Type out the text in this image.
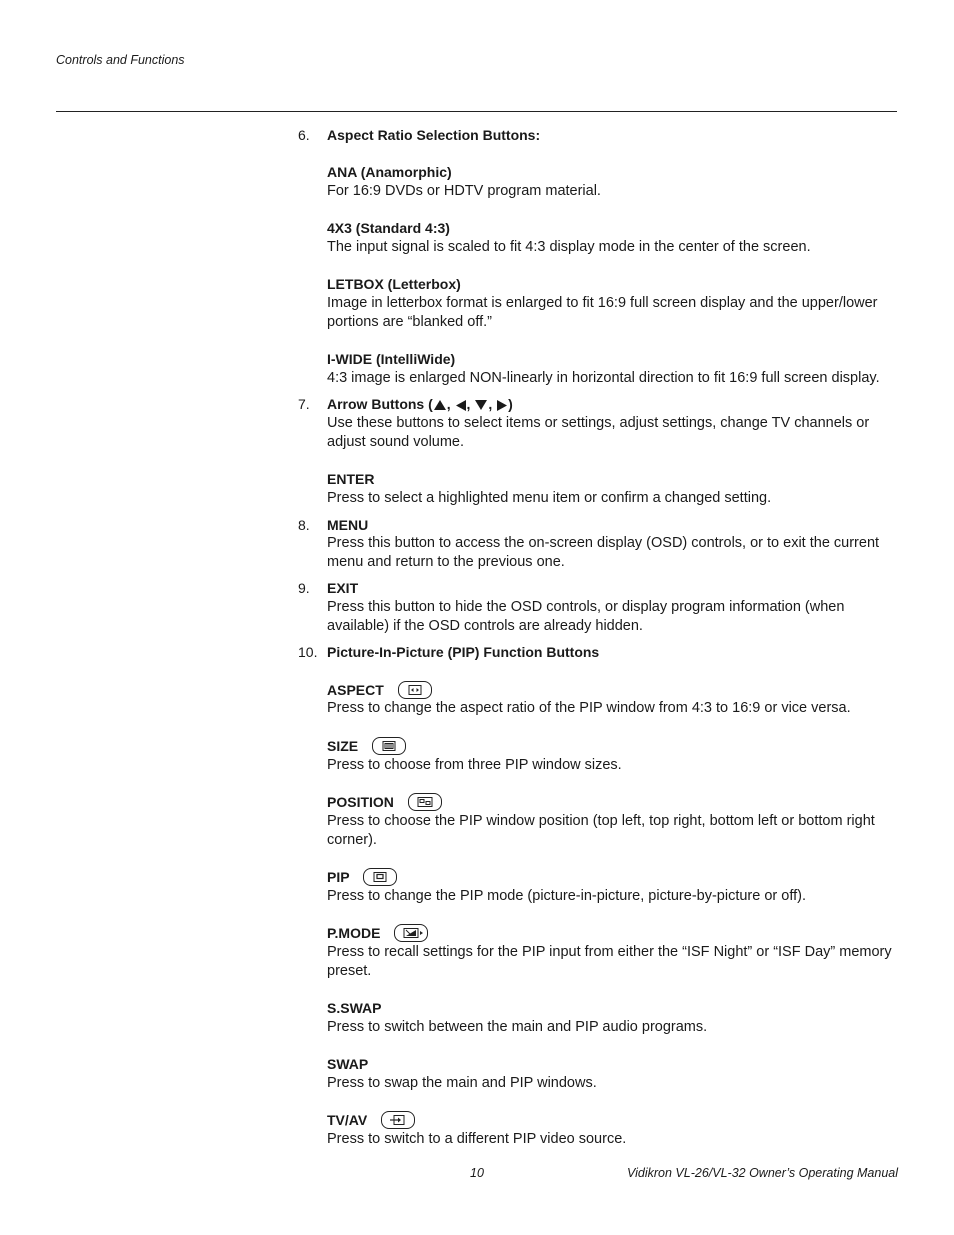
Controls and Functions
6. Aspect Ratio Selection Buttons:
ANA (Anamorphic)
For 16:9 DVDs or HDTV program material.
4X3 (Standard 4:3)
The input signal is scaled to fit 4:3 display mode in the center of the screen.
LETBOX (Letterbox)
Image in letterbox format is enlarged to fit 16:9 full screen display and the upper/lower portions are “blanked off.”
I-WIDE (IntelliWide)
4:3 image is enlarged NON-linearly in horizontal direction to fit 16:9 full screen display.
7. Arrow Buttons ( , , , )
Use these buttons to select items or settings, adjust settings, change TV channels or adjust sound volume.
ENTER
Press to select a highlighted menu item or confirm a changed setting.
8. MENU
Press this button to access the on-screen display (OSD) controls, or to exit the current menu and return to the previous one.
9. EXIT
Press this button to hide the OSD controls, or display program information (when available) if the OSD controls are already hidden.
10. Picture-In-Picture (PIP) Function Buttons
ASPECT
Press to change the aspect ratio of the PIP window from 4:3 to 16:9 or vice versa.
SIZE
Press to choose from three PIP window sizes.
POSITION
Press to choose the PIP window position (top left, top right, bottom left or bottom right corner).
PIP
Press to change the PIP mode (picture-in-picture, picture-by-picture or off).
P.MODE
Press to recall settings for the PIP input from either the “ISF Night” or “ISF Day” memory preset.
S.SWAP
Press to switch between the main and PIP audio programs.
SWAP
Press to swap the main and PIP windows.
TV/AV
Press to switch to a different PIP video source.
10	Vidikron VL-26/VL-32 Owner’s Operating Manual
